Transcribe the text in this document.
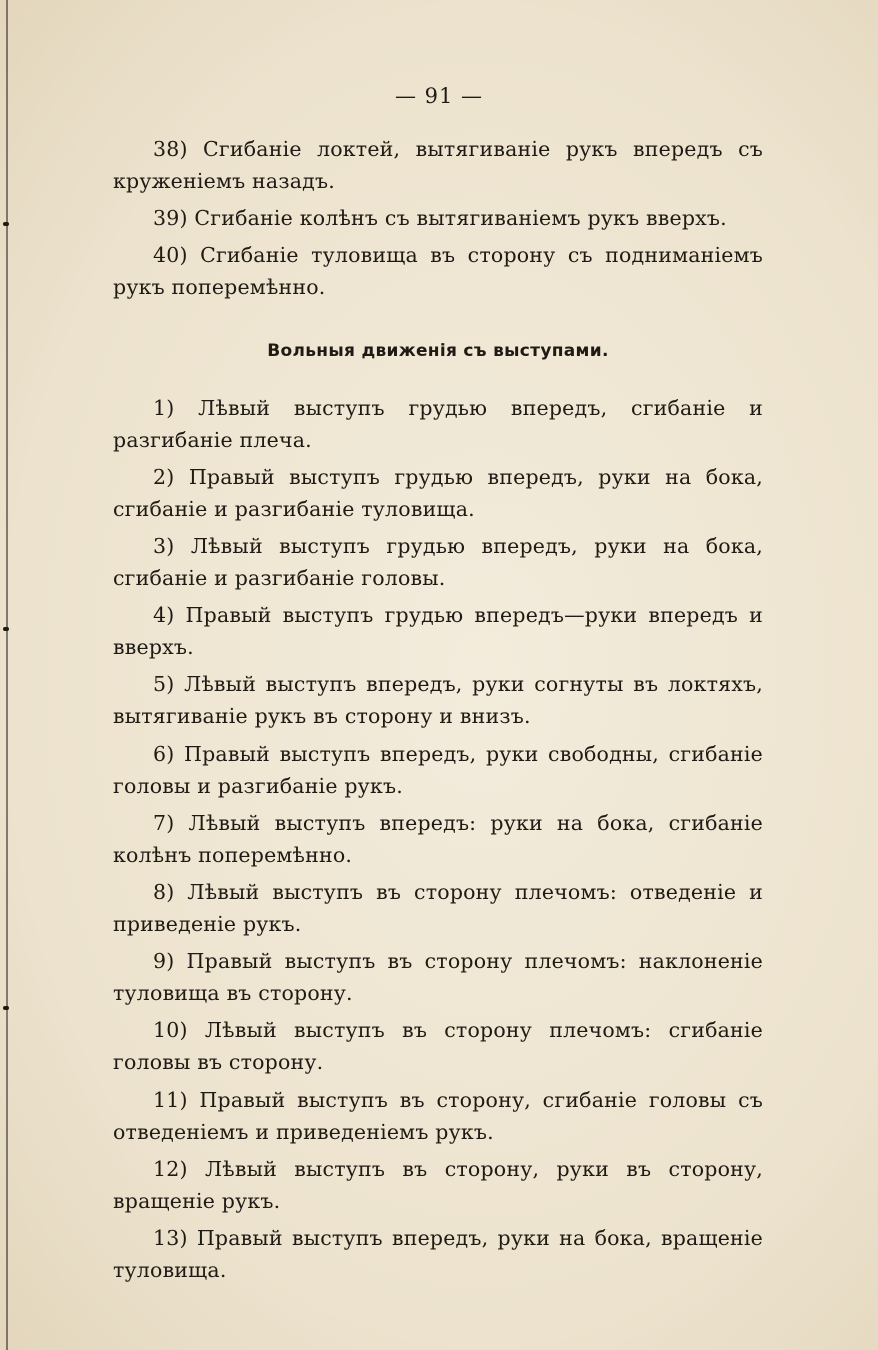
— 91 —

38) Сгибаніе локтей, вытягиваніе рукъ впередъ съ круженіемъ назадъ.

39) Сгибаніе колѣнъ съ вытягиваніемъ рукъ вверхъ.

40) Сгибаніе туловища въ сторону съ подниманіемъ рукъ поперемѣнно.

Вольныя движенія съ выступами.

1) Лѣвый выступъ грудью впередъ, сгибаніе и разгибаніе плеча.

2) Правый выступъ грудью впередъ, руки на бока, сгибаніе и разгибаніе туловища.

3) Лѣвый выступъ грудью впередъ, руки на бока, сгибаніе и разгибаніе головы.

4) Правый выступъ грудью впередъ—руки впередъ и вверхъ.

5) Лѣвый выступъ впередъ, руки согнуты въ локтяхъ, вытягиваніе рукъ въ сторону и внизъ.

6) Правый выступъ впередъ, руки свободны, сгибаніе головы и разгибаніе рукъ.

7) Лѣвый выступъ впередъ: руки на бока, сгибаніе колѣнъ поперемѣнно.

8) Лѣвый выступъ въ сторону плечомъ: отведеніе и приведеніе рукъ.

9) Правый выступъ въ сторону плечомъ: наклоненіе туловища въ сторону.

10) Лѣвый выступъ въ сторону плечомъ: сгибаніе головы въ сторону.

11) Правый выступъ въ сторону, сгибаніе головы съ отведеніемъ и приведеніемъ рукъ.

12) Лѣвый выступъ въ сторону, руки въ сторону, вращеніе рукъ.

13) Правый выступъ впередъ, руки на бока, вращеніе туловища.
